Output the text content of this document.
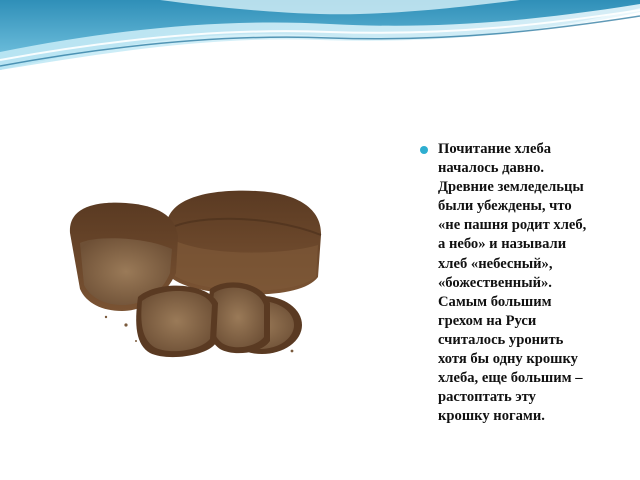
Почитание хлеба
началось давно.
Древние земледельцы
были убеждены, что
«не пашня родит хлеб,
а небо» и называли
хлеб «небесный»,
«божественный».
Самым большим
грехом на Руси
считалось уронить
хотя бы одну крошку
хлеба, еще большим –
растоптать эту
крошку ногами.
